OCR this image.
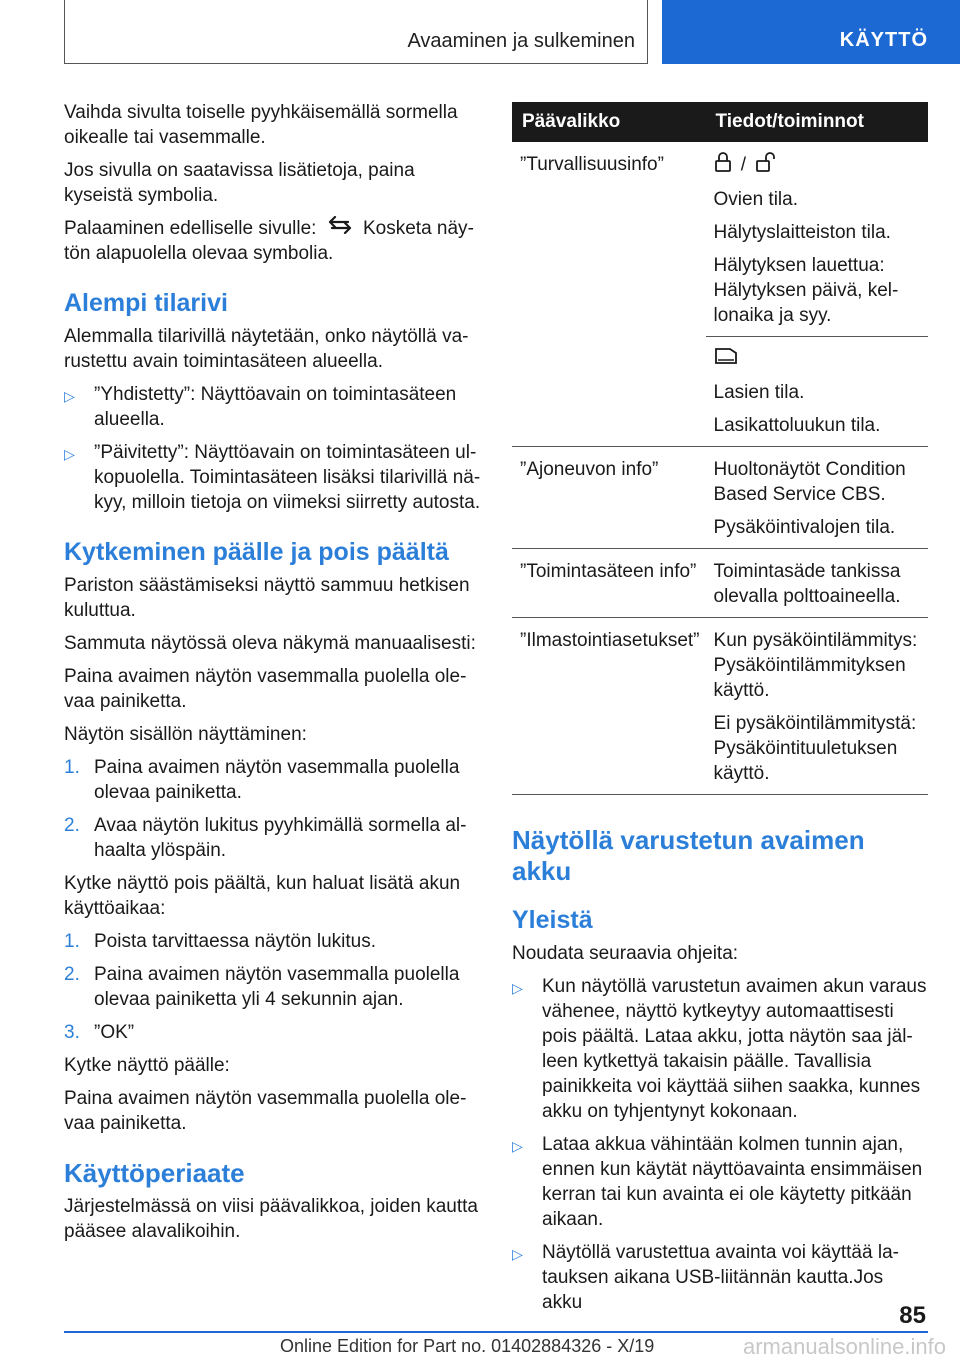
Avaaminen ja sulkeminen	KÄYTTÖ

Vaihda sivulta toiselle pyyhkäisemällä sormella oikealle tai vasemmalle.

Jos sivulla on saatavissa lisätietoja, paina kyseistä symbolia.

Palaaminen edelliselle sivulle: Kosketa näytön alapuolella olevaa symbolia.

Alempi tilarivi

Alemmalla tilarivillä näytetään, onko näytöllä varustettu avain toimintasäteen alueella.

▷ ”Yhdistetty”: Näyttöavain on toimintasäteen alueella.
▷ ”Päivitetty”: Näyttöavain on toimintasäteen ulkopuolella. Toimintasäteen lisäksi tilarivillä näkyy, milloin tietoja on viimeksi siirretty autosta.
Kytkeminen päälle ja pois päältä

Pariston säästämiseksi näyttö sammuu hetkisen kuluttua.

Sammuta näytössä oleva näkymä manuaalisesti:

Paina avaimen näytön vasemmalla puolella olevaa painiketta.

Näytön sisällön näyttäminen:

1. Paina avaimen näytön vasemmalla puolella olevaa painiketta.
2. Avaa näytön lukitus pyyhkimällä sormella alhaalta ylöspäin.

Kytke näyttö pois päältä, kun haluat lisätä akun käyttöaikaa:

1. Poista tarvittaessa näytön lukitus.
2. Paina avaimen näytön vasemmalla puolella olevaa painiketta yli 4 sekunnin ajan.
3. ”OK”

Kytke näyttö päälle:

Paina avaimen näytön vasemmalla puolella olevaa painiketta.

Käyttöperiaate

Järjestelmässä on viisi päävalikkoa, joiden kautta pääsee alavalikoihin.

Päävalikko	Tiedot/toiminnot
”Turvallisuusinfo”	/

Ovien tila.

Hälytyslaitteiston tila.

Hälytyksen lauettua: Hälytyksen päivä, kellonaika ja syy.

	Lasien tila.

Lasikattoluukun tila.

”Ajoneuvon info”	Huoltonäytöt Condition Based Service CBS.

Pysäköintivalojen tila.

”Toimintasäteen info”	Toimintasäde tankissa olevalla polttoaineella.

”Ilmastointiasetukset”	Kun pysäköintilämmitys: Pysäköintilämmityksen käyttö.

Ei pysäköintilämmitystä: Pysäköintituuletuksen käyttö.

Näytöllä varustetun avaimen akku
Yleistä

Noudata seuraavia ohjeita:

▷ Kun näytöllä varustetun avaimen akun varaus vähenee, näyttö kytkeytyy automaattisesti pois päältä. Lataa akku, jotta näytön saa jälleen kytkettyä takaisin päälle. Tavallisia painikkeita voi käyttää siihen saakka, kunnes akku on tyhjentynyt kokonaan.
▷ Lataa akkua vähintään kolmen tunnin ajan, ennen kun käytät näyttöavainta ensimmäisen kerran tai kun avainta ei ole käytetty pitkään aikaan.
▷ Näytöllä varustettua avainta voi käyttää latauksen aikana USB-liitännän kautta.Jos akku	85
Online Edition for Part no. 01402884326 - X/19	armanualsonline.info
